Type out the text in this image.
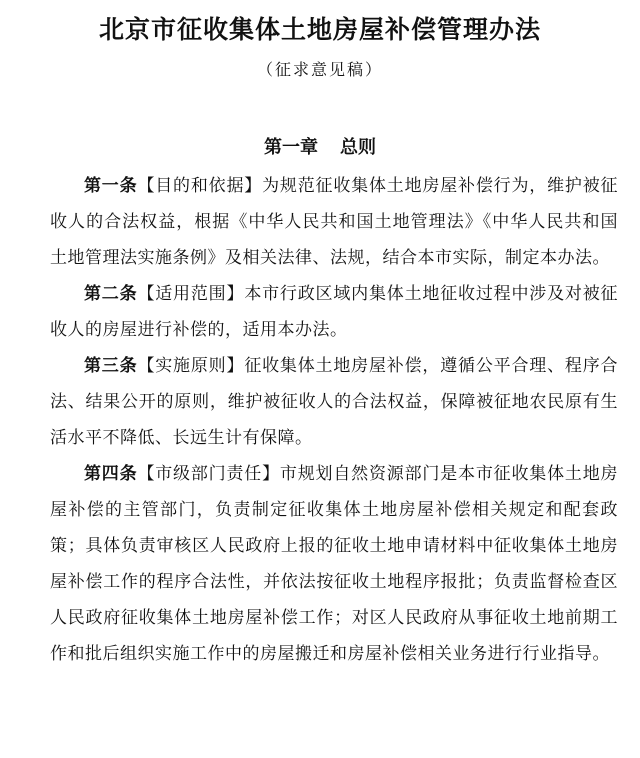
北京市征收集体土地房屋补偿管理办法

（征求意见稿）

第一章 总则

第一条【目的和依据】为规范征收集体土地房屋补偿行为，维护被征收人的合法权益，根据《中华人民共和国土地管理法》《中华人民共和国土地管理法实施条例》及相关法律、法规，结合本市实际，制定本办法。

第二条【适用范围】本市行政区域内集体土地征收过程中涉及对被征收人的房屋进行补偿的，适用本办法。

第三条【实施原则】征收集体土地房屋补偿，遵循公平合理、程序合法、结果公开的原则，维护被征收人的合法权益，保障被征地农民原有生活水平不降低、长远生计有保障。

第四条【市级部门责任】市规划自然资源部门是本市征收集体土地房屋补偿的主管部门，负责制定征收集体土地房屋补偿相关规定和配套政策；具体负责审核区人民政府上报的征收土地申请材料中征收集体土地房屋补偿工作的程序合法性，并依法按征收土地程序报批；负责监督检查区人民政府征收集体土地房屋补偿工作；对区人民政府从事征收土地前期工作和批后组织实施工作中的房屋搬迁和房屋补偿相关业务进行行业指导。
